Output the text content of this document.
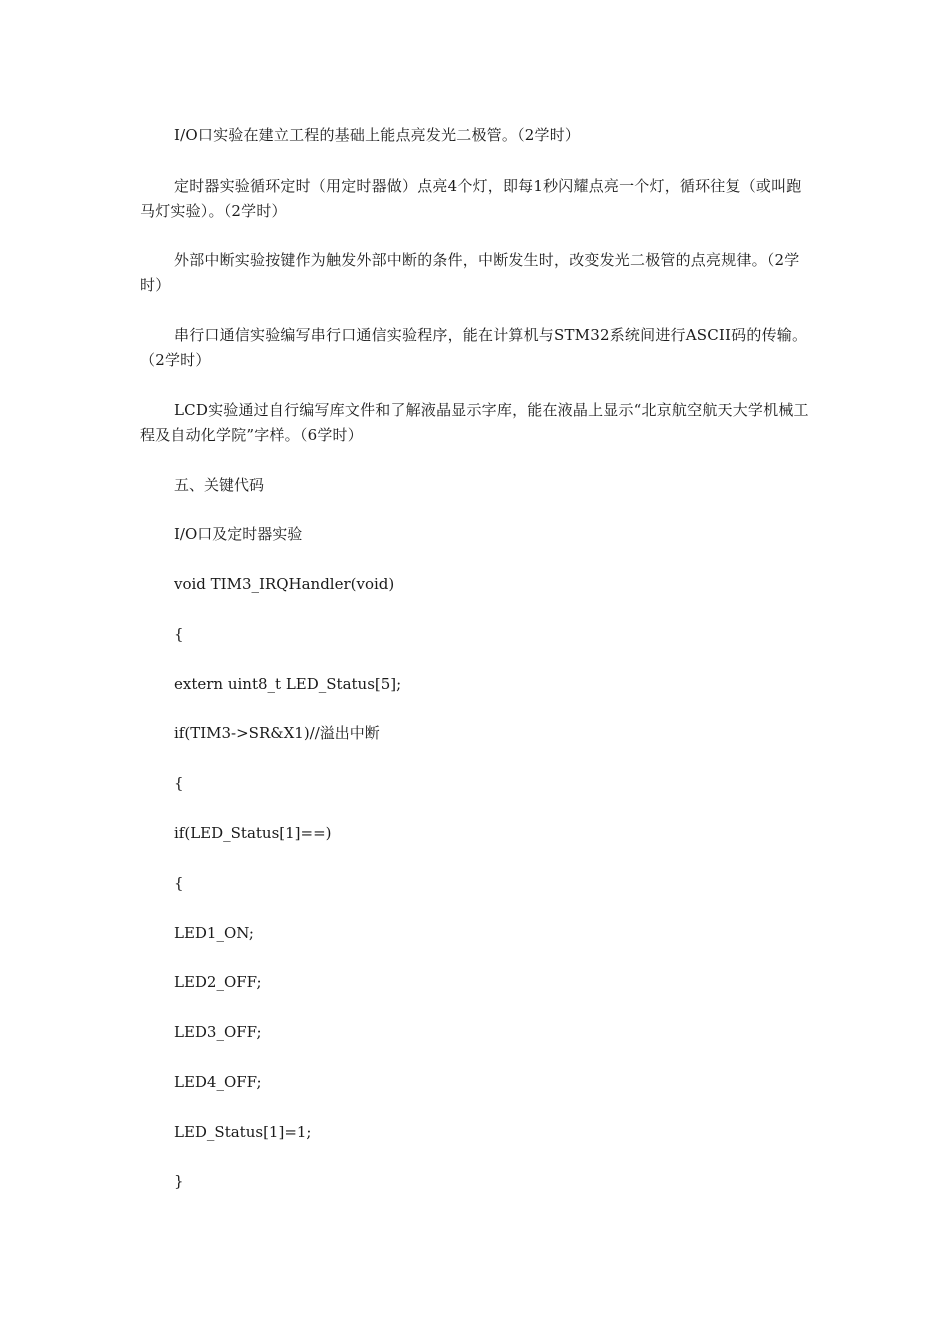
I/O口实验在建立工程的基础上能点亮发光二极管。（2学时）

定时器实验循环定时（用定时器做）点亮4个灯，即每1秒闪耀点亮一个灯，循环往复（或叫跑马灯实验）。（2学时）

外部中断实验按键作为触发外部中断的条件，中断发生时，改变发光二极管的点亮规律。（2学时）

串行口通信实验编写串行口通信实验程序，能在计算机与STM32系统间进行ASCII码的传输。（2学时）

LCD实验通过自行编写库文件和了解液晶显示字库，能在液晶上显示“北京航空航天大学机械工程及自动化学院”字样。（6学时）

五、关键代码

I/O口及定时器实验

void TIM3_IRQHandler(void)

{

extern uint8_t LED_Status[5];

if(TIM3->SR&X1)//溢出中断

{

if(LED_Status[1]==)

{

LED1_ON;

LED2_OFF;

LED3_OFF;

LED4_OFF;

LED_Status[1]=1;

}
